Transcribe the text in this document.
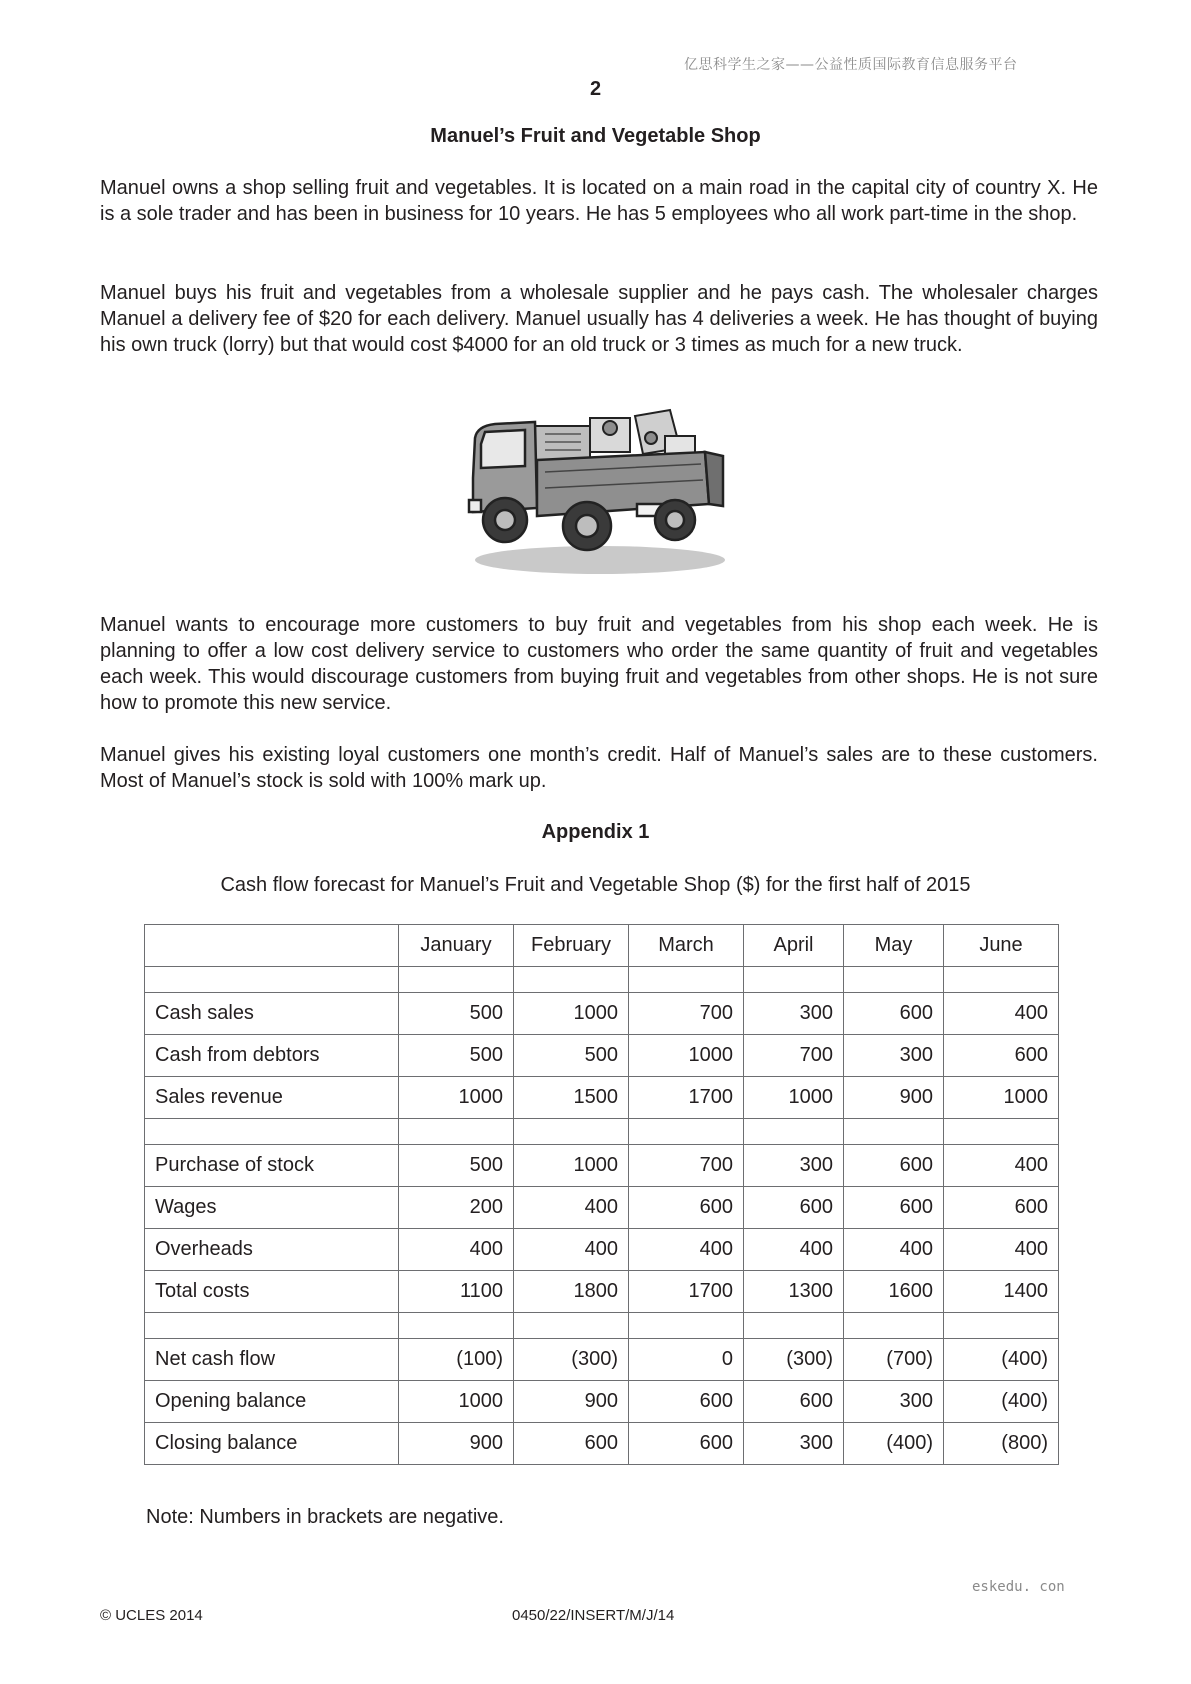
亿思科学生之家——公益性质国际教育信息服务平台
2
Manuel’s Fruit and Vegetable Shop

Manuel owns a shop selling fruit and vegetables. It is located on a main road in the capital city of country X. He is a sole trader and has been in business for 10 years. He has 5 employees who all work part-time in the shop.

Manuel buys his fruit and vegetables from a wholesale supplier and he pays cash. The wholesaler charges Manuel a delivery fee of $20 for each delivery. Manuel usually has 4 deliveries a week. He has thought of buying his own truck (lorry) but that would cost $4000 for an old truck or 3 times as much for a new truck.

Manuel wants to encourage more customers to buy fruit and vegetables from his shop each week. He is planning to offer a low cost delivery service to customers who order the same quantity of fruit and vegetables each week. This would discourage customers from buying fruit and vegetables from other shops. He is not sure how to promote this new service.

Manuel gives his existing loyal customers one month’s credit. Half of Manuel’s sales are to these customers. Most of Manuel’s stock is sold with 100% mark up.

Appendix 1
Cash flow forecast for Manuel’s Fruit and Vegetable Shop ($) for the first half of 2015
	January	February	March	April	May	June

Cash sales	500	1000	700	300	600	400
Cash from debtors	500	500	1000	700	300	600
Sales revenue	1000	1500	1700	1000	900	1000

Purchase of stock	500	1000	700	300	600	400
Wages	200	400	600	600	600	600
Overheads	400	400	400	400	400	400
Total costs	1100	1800	1700	1300	1600	1400

Net cash flow	(100)	(300)	0	(300)	(700)	(400)
Opening balance	1000	900	600	600	300	(400)
Closing balance	900	600	600	300	(400)	(800)
Note: Numbers in brackets are negative.
eskedu. con
© UCLES 2014	0450/22/INSERT/M/J/14
